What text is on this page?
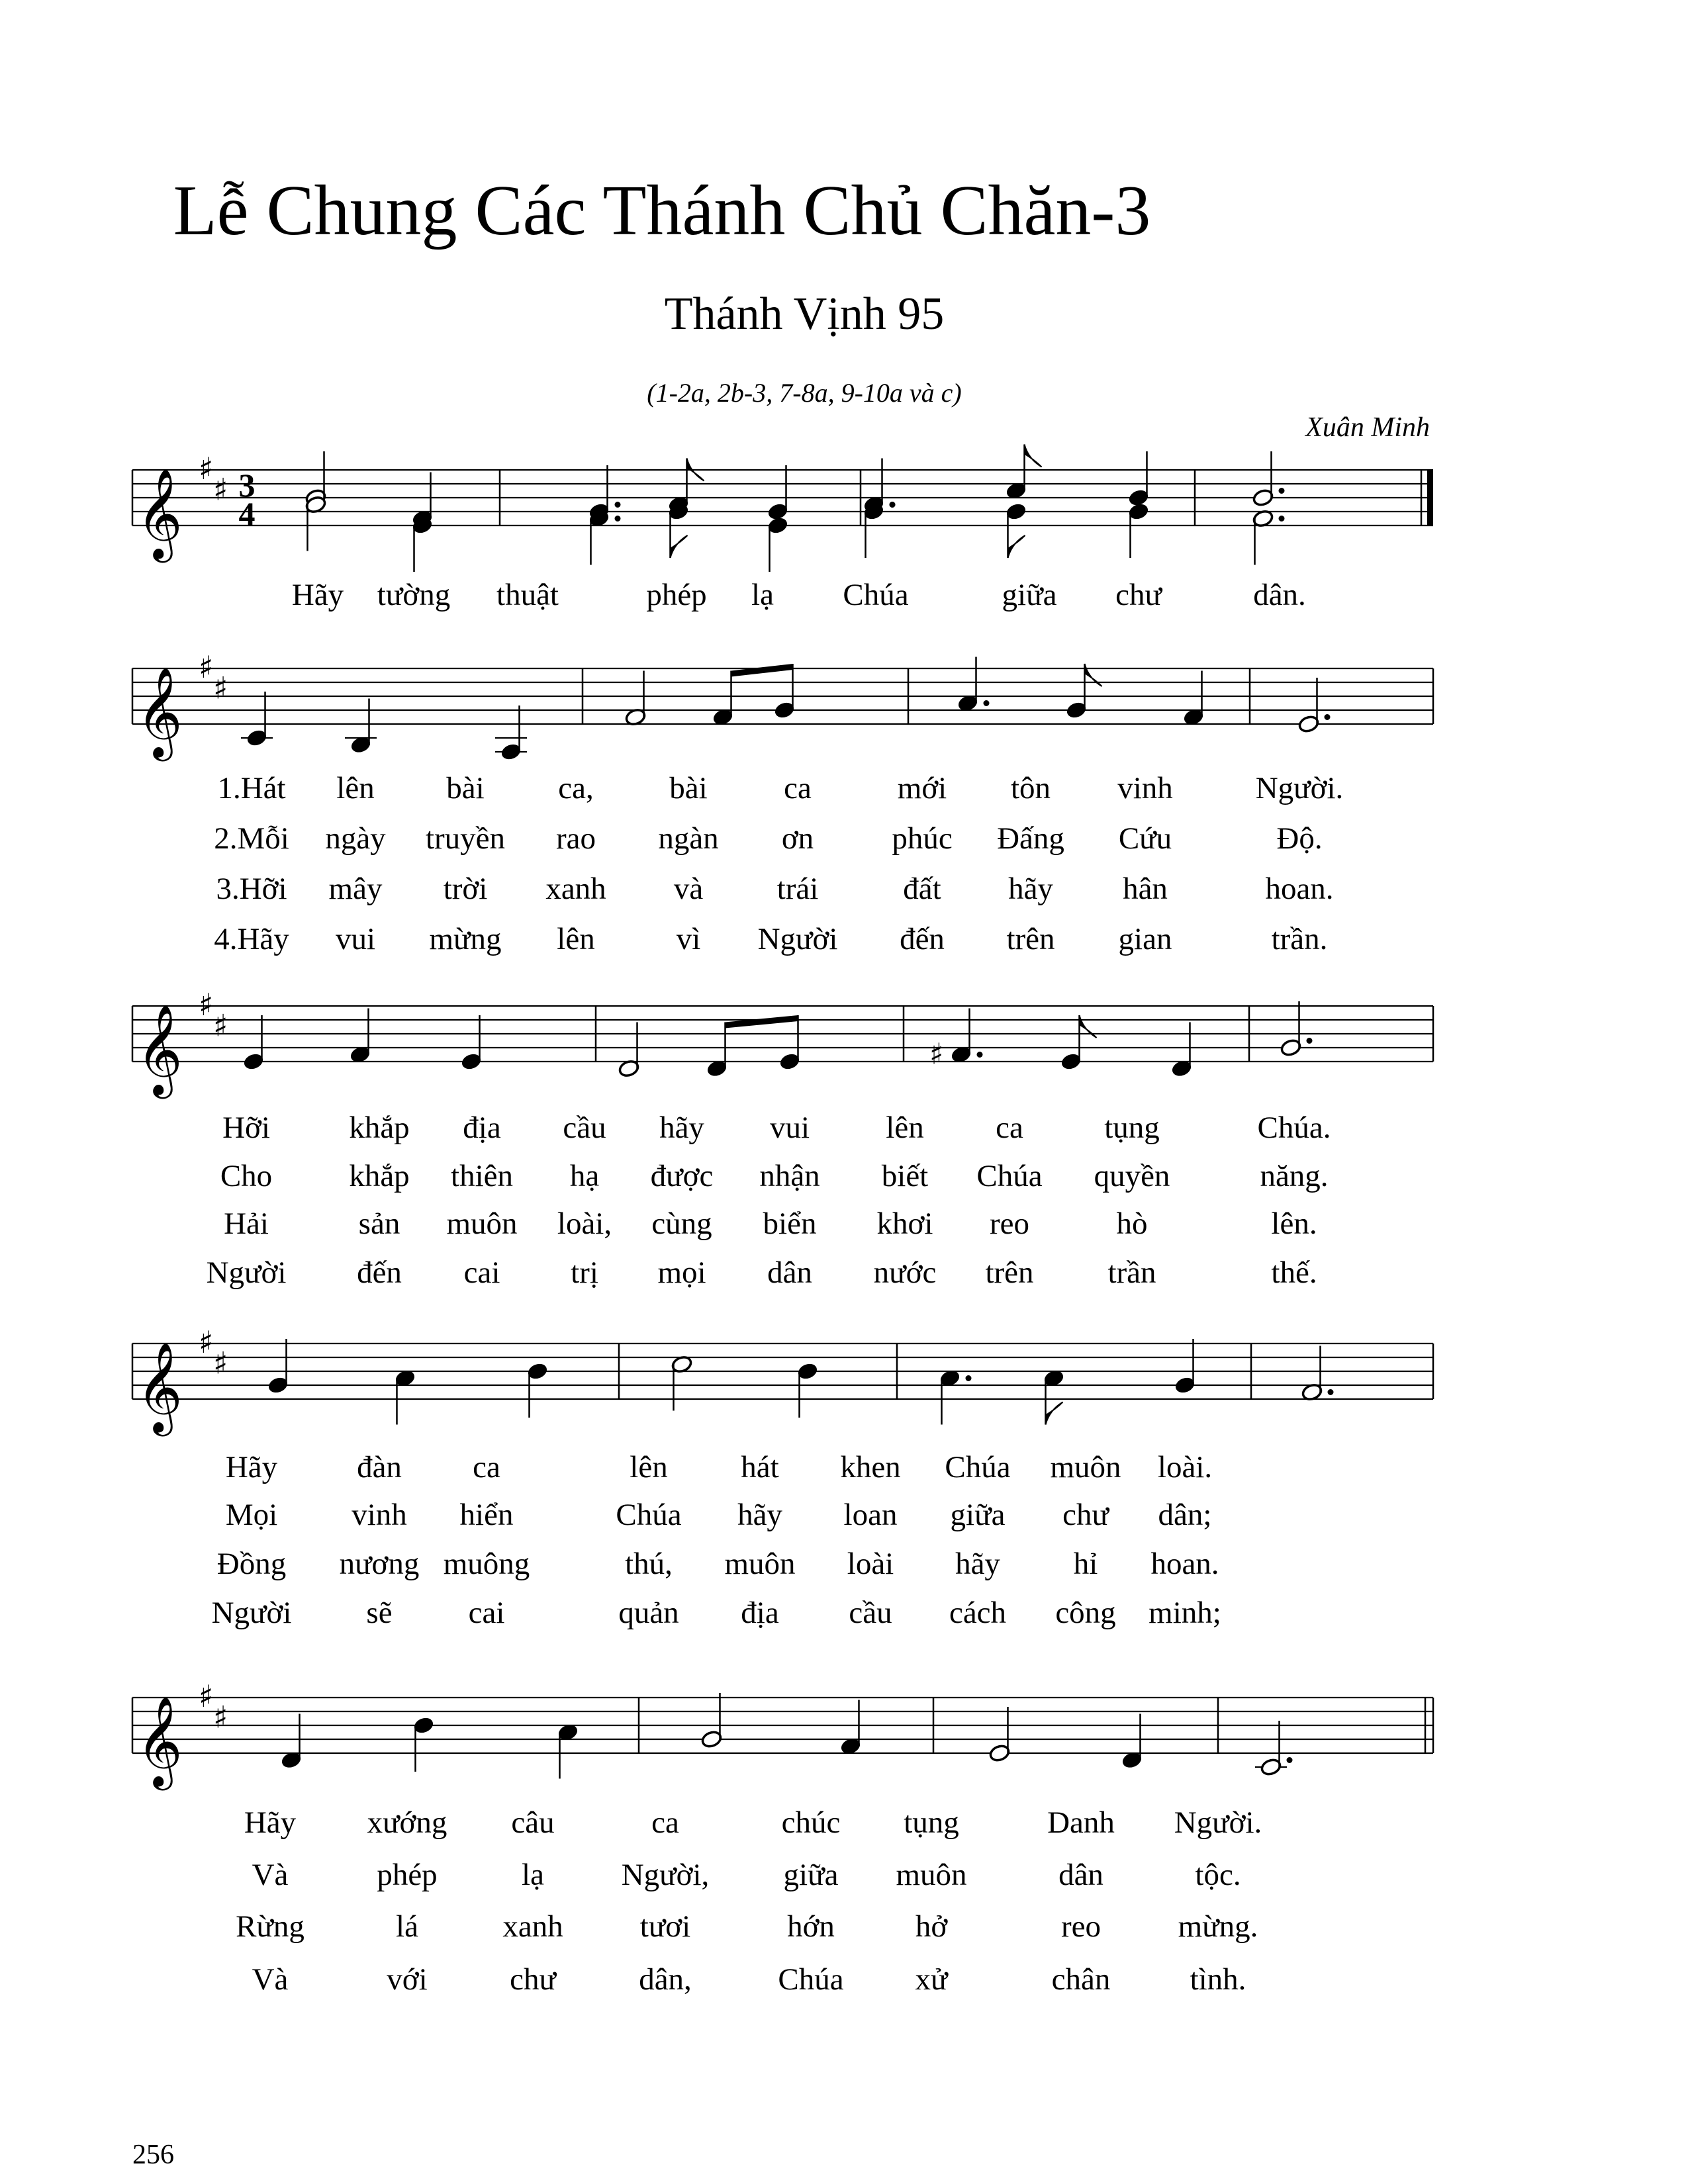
Lễ Chung Các Thánh Chủ Chăn-3
Thánh Vịnh 95
(1-2a, 2b-3, 7-8a, 9-10a và c)
Xuân Minh
256
𝄞 ♯
♯ 3
4
Hãy tường thuật	phép lạ Chúa	giữa chư	dân.
𝄞 ♯
♯
1.Hát lên bài ca, bài ca	mới tôn vinh	Người.
2.Mỗi ngày truyền rao ngàn ơn	phúc Đấng Cứu	Độ.
3.Hỡi mây trời xanh và trái	đất hãy hân	hoan.
4.Hãy vui mừng lên	vì Người đến trên gian	trần.
𝄞 ♯
♯
♯
Hỡi	khắp địa cầu hãy vui lên ca	tụng	Chúa.
Cho khắp thiên hạ được nhận biết Chúa quyền	năng.
Hải	sản muôn loài, cùng biển khơi reo	hò	lên.
Người đến cai trị mọi dân nước trên trần	thế.
𝄞 ♯
♯
Hãy	đàn ca	lên hát khen Chúa muôn loài.
Mọi vinh hiển	Chúa hãy loan giữa chư dân;
Đồng nương muông	thú, muôn loài hãy hỉ hoan.
Người sẽ cai	quản địa cầu cách công minh;
𝄞 ♯
♯
Hãy xướng câu	ca	chúc tụng	Danh Người.
Và	phép	lạ Người, giữa muôn	dân	tộc.
Rừng	lá	xanh tươi	hớn	hở	reo mừng.
Và	với	chư	dân,	Chúa xử	chân	tình.
